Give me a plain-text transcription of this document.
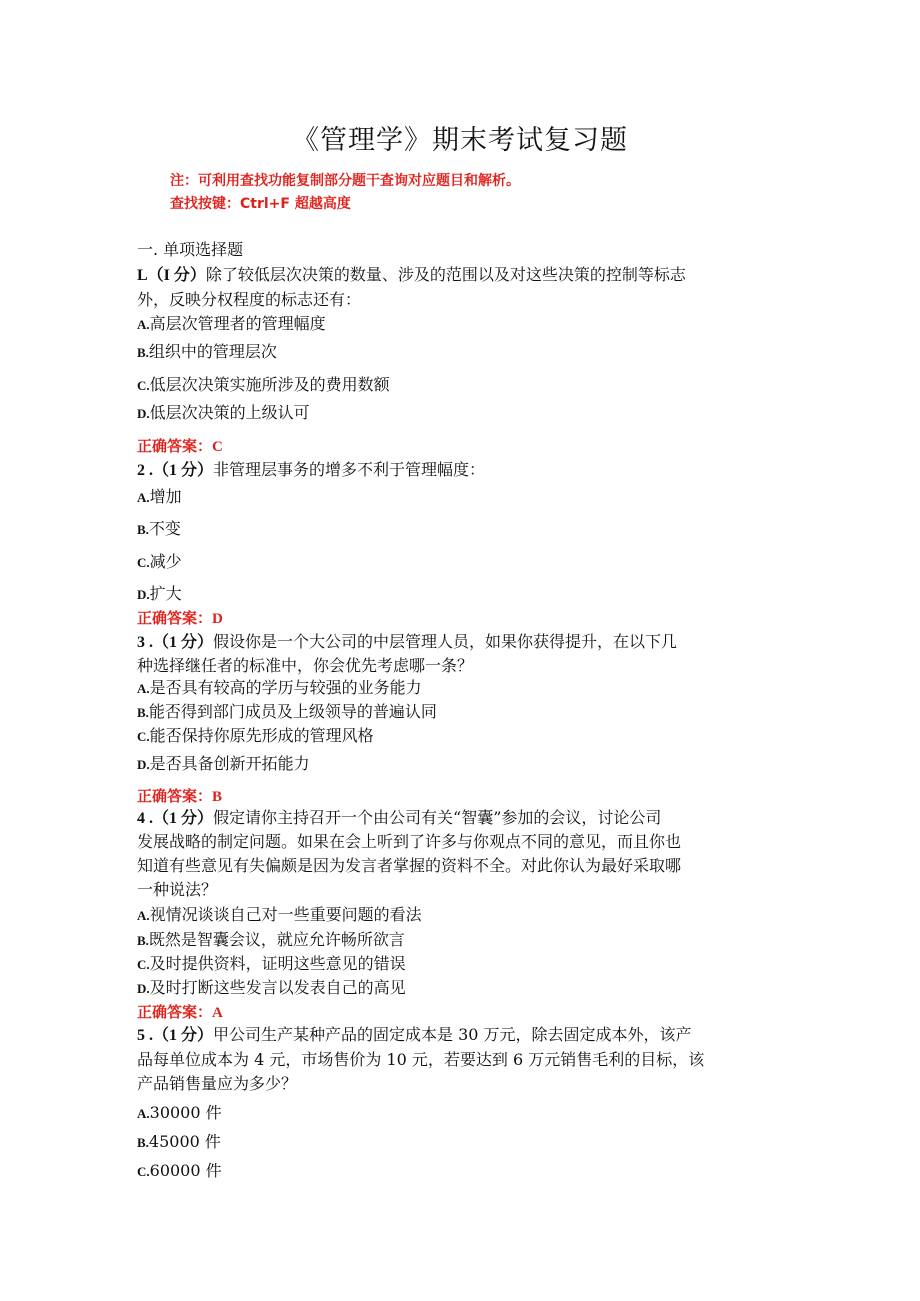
《管理学》期末考试复习题
注：可利用查找功能复制部分题干查询对应题目和解析。
查找按键：Ctrl+F 超越高度
一. 单项选择题
L（I 分）除了较低层次决策的数量、涉及的范围以及对这些决策的控制等标志
外，反映分权程度的标志还有：
A.高层次管理者的管理幅度
B.组织中的管理层次
C.低层次决策实施所涉及的费用数额
D.低层次决策的上级认可
正确答案：C
2 .（1 分）非管理层事务的增多不利于管理幅度：
A.增加
B.不变
C.减少
D.扩大
正确答案：D
3 .（1 分）假设你是一个大公司的中层管理人员，如果你获得提升，在以下几
种选择继任者的标准中，你会优先考虑哪一条？
A.是否具有较高的学历与较强的业务能力
B.能否得到部门成员及上级领导的普遍认同
C.能否保持你原先形成的管理风格
D.是否具备创新开拓能力
正确答案：B
4 .（1 分）假定请你主持召开一个由公司有关“智囊”参加的会议，讨论公司
发展战略的制定问题。如果在会上听到了许多与你观点不同的意见，而且你也
知道有些意见有失偏颇是因为发言者掌握的资料不全。对此你认为最好采取哪
一种说法？
A.视情况谈谈自己对一些重要问题的看法
B.既然是智囊会议，就应允许畅所欲言
C.及时提供资料，证明这些意见的错误
D.及时打断这些发言以发表自己的高见
正确答案：A
5 .（1 分）甲公司生产某种产品的固定成本是 30 万元，除去固定成本外，该产
品每单位成本为 4 元，市场售价为 10 元，若要达到 6 万元销售毛利的目标，该
产品销售量应为多少？
A.30000 件
B.45000 件
C.60000 件
